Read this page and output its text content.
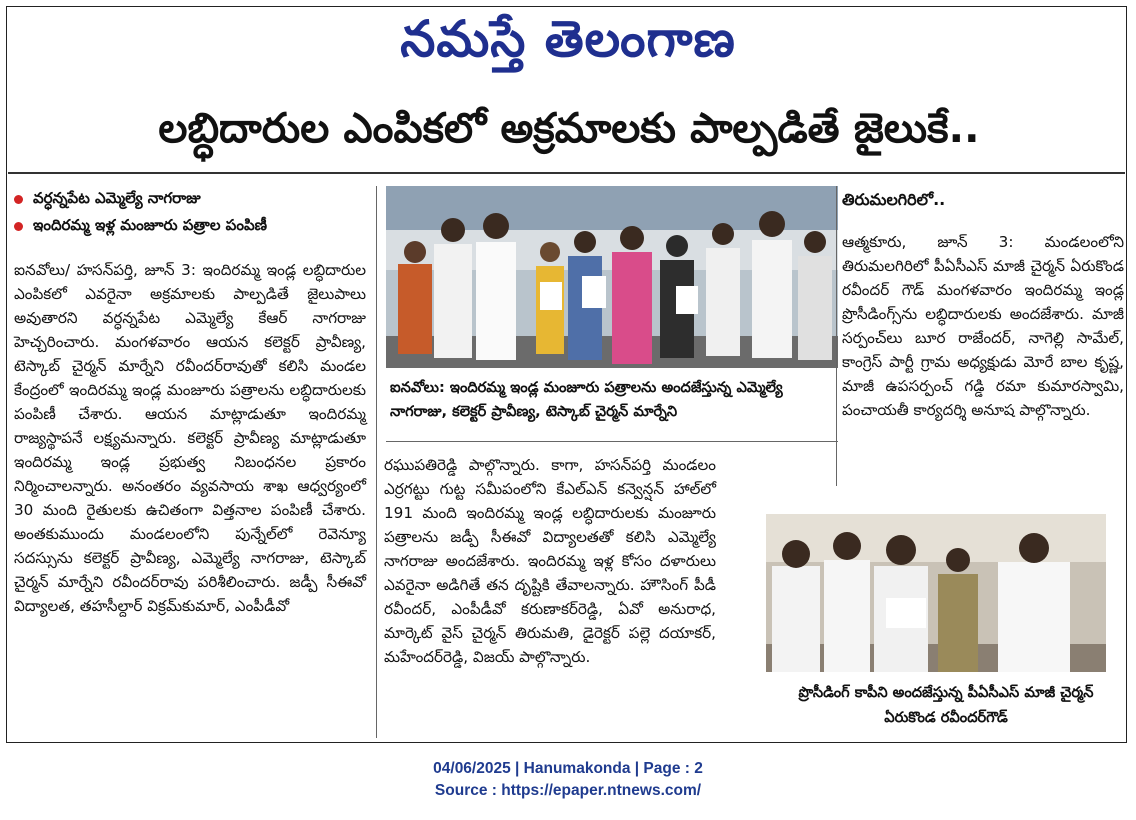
నమస్తే తెలంగాణ
లబ్ధిదారుల ఎంపికలో అక్రమాలకు పాల్పడితే జైలుకే..
వర్ధన్నపేట ఎమ్మెల్యే నాగరాజు
ఇందిరమ్మ ఇళ్ల మంజూరు పత్రాల పంపిణీ

ఐనవోలు/ హసన్‌పర్తి, జూన్ 3: ఇందిరమ్మ ఇండ్ల లబ్ధిదారుల ఎంపికలో ఎవరైనా అక్రమాలకు పాల్పడితే జైలుపాలు అవుతారని వర్ధన్నపేట ఎమ్మెల్యే కేఆర్ నాగరాజు హెచ్చరించారు. మంగళవారం ఆయన కలెక్టర్ ప్రావీణ్య, టెస్కాబ్ చైర్మన్ మార్నేని రవీందర్‌రావుతో కలిసి మండల కేంద్రంలో ఇందిరమ్మ ఇండ్ల మంజూరు పత్రాలను లబ్ధిదారులకు పంపిణీ చేశారు. ఆయన మాట్లాడుతూ ఇందిరమ్మ రాజ్యస్థాపనే లక్ష్యమన్నారు. కలెక్టర్ ప్రావీణ్య మాట్లాడుతూ ఇందిరమ్మ ఇండ్ల ప్రభుత్వ నిబంధనల ప్రకారం నిర్మించాలన్నారు. అనంతరం వ్యవసాయ శాఖ ఆధ్వర్యంలో 30 మంది రైతులకు ఉచితంగా విత్తనాల పంపిణీ చేశారు. అంతకుముందు మండలంలోని పున్నేల్‌లో రెవెన్యూ సదస్సును కలెక్టర్ ప్రావీణ్య, ఎమ్మెల్యే నాగరాజు, టెస్కాబ్ చైర్మన్ మార్నేని రవీందర్‌రావు పరిశీలించారు. జడ్పీ సీఈవో విద్యాలత, తహసీల్దార్ విక్రమ్‌కుమార్, ఎంపీడీవో

ఐనవోలు: ఇందిరమ్మ ఇండ్ల మంజూరు పత్రాలను అందజేస్తున్న ఎమ్మెల్యే నాగరాజు, కలెక్టర్ ప్రావీణ్య, టెస్కాబ్ చైర్మన్ మార్నేని

రఘుపతిరెడ్డి పాల్గొన్నారు. కాగా, హసన్‌పర్తి మండలం ఎర్రగట్టు గుట్ట సమీపంలోని కేఎల్‌ఎన్ కన్వెన్షన్ హాల్‌లో 191 మంది ఇందిరమ్మ ఇండ్ల లబ్ధిదారులకు మంజూరు పత్రాలను జడ్పీ సీఈవో విద్యాలతతో కలిసి ఎమ్మెల్యే నాగరాజు అందజేశారు. ఇందిరమ్మ ఇళ్ల కోసం దళారులు ఎవరైనా అడిగితే తన దృష్టికి తేవాలన్నారు. హౌసింగ్ పీడీ రవీందర్, ఎంపీడీవో కరుణాకర్‌రెడ్డి, ఏవో అనురాధ, మార్కెట్ వైస్ చైర్మన్ తిరుమతి, డైరెక్టర్ పల్లె దయాకర్, మహేందర్‌రెడ్డి, విజయ్ పాల్గొన్నారు.

తిరుమలగిరిలో..

ఆత్మకూరు, జూన్ 3: మండలంలోని తిరుమలగిరిలో పీఏసీఎస్ మాజీ చైర్మన్ ఏరుకొండ రవీందర్ గౌడ్ మంగళవారం ఇందిరమ్మ ఇండ్ల ప్రొసీడింగ్స్‌ను లబ్ధిదారులకు అందజేశారు. మాజీ సర్పంచ్‌లు బూర రాజేందర్, నాగెల్లి సామేల్, కాంగ్రెస్ పార్టీ గ్రామ అధ్యక్షుడు మోరే బాల కృష్ణ, మాజీ ఉపసర్పంచ్ గడ్డి రమా కుమారస్వామి, పంచాయతీ కార్యదర్శి అనూష పాల్గొన్నారు.

ప్రొసీడింగ్ కాపీని అందజేస్తున్న పీఏసీఎస్ మాజీ చైర్మన్ ఏరుకొండ రవీందర్‌గౌడ్
04/06/2025 | Hanumakonda | Page : 2
Source : https://epaper.ntnews.com/
